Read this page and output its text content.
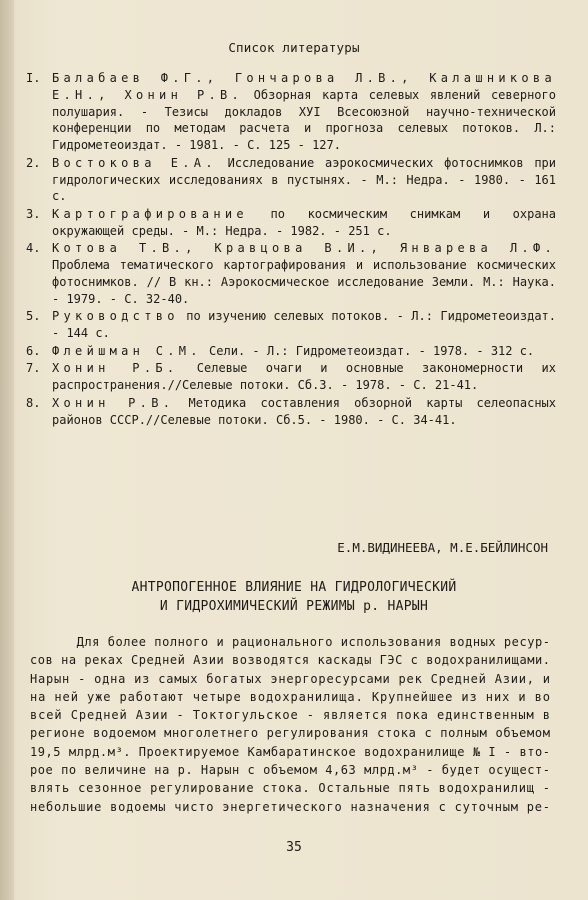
Список литературы
I. Балабаев Ф.Г., Гончарова Л.В., Калашникова Е.Н., Хонин Р.В. Обзорная карта селевых явлений северного полушария. - Тезисы докладов ХУI Всесоюзной научно-технической конференции по методам расчета и прогноза селевых потоков. Л.: Гидрометеоиздат. - 1981. - С. 125 - 127.
2. Востокова Е.А. Исследование аэрокосмических фотоснимков при гидрологических исследованиях в пустынях. - М.: Недра. - 1980. - 161 с.
3. Картографирование по космическим снимкам и охрана окружающей среды. - М.: Недра. - 1982. - 251 с.
4. Котова Т.В., Кравцова В.И., Январева Л.Ф. Проблема тематического картографирования и использование космических фотоснимков. // В кн.: Аэрокосмическое исследование Земли. М.: Наука. - 1979. - С. 32-40.
5. Руководство по изучению селевых потоков. - Л.: Гидрометеоиздат. - 144 с.
6. Флейшман С.М. Сели. - Л.: Гидрометеоиздат. - 1978. - 312 с.
7. Хонин Р.Б. Селевые очаги и основные закономерности их распространения.//Селевые потоки. Сб.3. - 1978. - С. 21-41.
8. Хонин Р.В. Методика составления обзорной карты селеопасных районов СССР.//Селевые потоки. Сб.5. - 1980. - С. 34-41.

Е.М.ВИДИНЕЕВА, М.Е.БЕЙЛИНСОН

АНТРОПОГЕННОЕ ВЛИЯНИЕ НА ГИДРОЛОГИЧЕСКИЙ
И ГИДРОХИМИЧЕСКИЙ РЕЖИМЫ р. НАРЫН

Для более полного и рационального использования водных ресур-
сов на реках Средней Азии возводятся каскады ГЭС с водохранилищами.
Нарын - одна из самых богатых энергоресурсами рек Средней Азии, и
на ней уже работают четыре водохранилища. Крупнейшее из них и во
всей Средней Азии - Токтогульское - является пока единственным в
регионе водоемом многолетнего регулирования стока с полным объемом
19,5 млрд.м³. Проектируемое Камбаратинское водохранилище № I - вто-
рое по величине на р. Нарын с объемом 4,63 млрд.м³ - будет осущест-
влять сезонное регулирование стока. Остальные пять водохранилищ -
небольшие водоемы чисто энергетического назначения с суточным ре-

35
